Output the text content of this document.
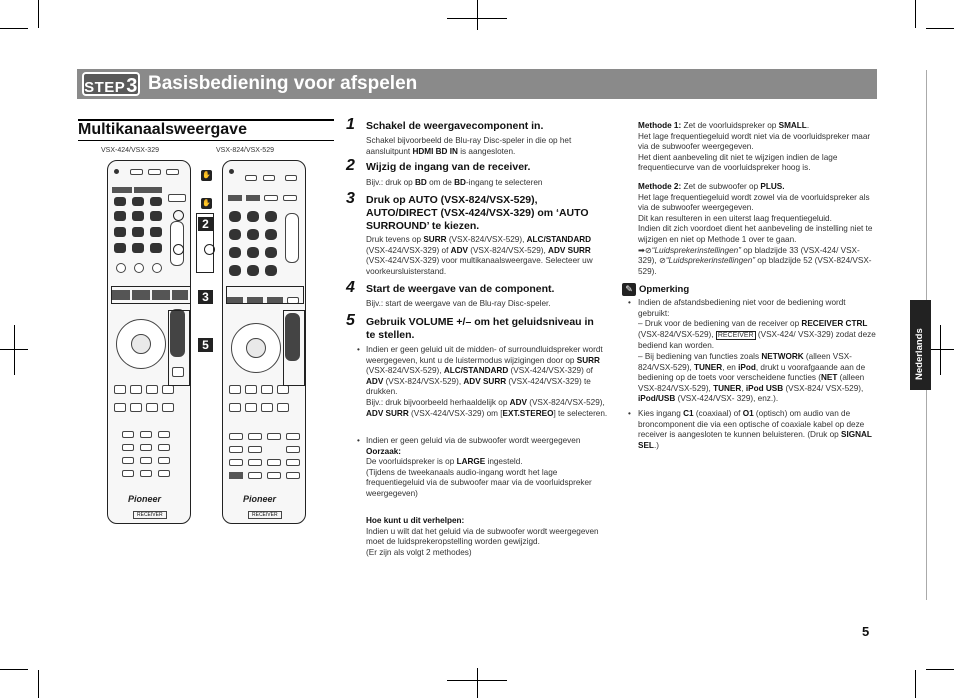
STEP3 Basisbediening voor afspelen
Multikanaalsweergave
VSX-424/VSX-329	VSX-824/VSX-529
Pioneer
RECEIVER
Pioneer
RECEIVER
✋
✋
2
3
5
1 Schakel de weergavecomponent in.
Schakel bijvoorbeeld de Blu-ray Disc-speler in die op het aansluitpunt HDMI BD IN is aangesloten.
2 Wijzig de ingang van de receiver.
Bijv.: druk op BD om de BD-ingang te selecteren
3 Druk op AUTO (VSX-824/VSX-529), AUTO/DIRECT (VSX-424/VSX-329) om ‘AUTO SURROUND’ te kiezen.
Druk tevens op SURR (VSX-824/VSX-529), ALC/STANDARD (VSX-424/VSX-329) of ADV (VSX-824/VSX-529), ADV SURR (VSX-424/VSX-329) voor multikanaalsweergave. Selecteer uw voorkeursluisterstand.
4 Start de weergave van de component.
Bijv.: start de weergave van de Blu-ray Disc-speler.
5 Gebruik VOLUME +/– om het geluidsniveau in te stellen.
• Indien er geen geluid uit de midden- of surroundluidspreker wordt weergegeven, kunt u de luistermodus wijzigingen door op SURR (VSX-824/VSX-529), ALC/STANDARD (VSX-424/VSX-329) of ADV (VSX-824/VSX-529), ADV SURR (VSX-424/VSX-329) te drukken.
Bijv.: druk bijvoorbeeld herhaaldelijk op ADV (VSX-824/VSX-529), ADV SURR (VSX-424/VSX-329) om [EXT.STEREO] te selecteren.
• Indien er geen geluid via de subwoofer wordt weergegeven
Oorzaak:
De voorluidspreker is op LARGE ingesteld.
(Tijdens de tweekanaals audio-ingang wordt het lage frequentiegeluid via de subwoofer maar via de voorluidspreker weergegeven)
Hoe kunt u dit verhelpen:
Indien u wilt dat het geluid via de subwoofer wordt weergegeven moet de luidsprekeropstelling worden gewijzigd.
(Er zijn als volgt 2 methodes)
Methode 1: Zet de voorluidspreker op SMALL.
Het lage frequentiegeluid wordt niet via de voorluidspreker maar via de subwoofer weergegeven.
Het dient aanbeveling dit niet te wijzigen indien de lage frequentiecurve van de voorluidspreker hoog is.
Methode 2: Zet de subwoofer op PLUS.
Het lage frequentiegeluid wordt zowel via de voorluidspreker als via de subwoofer weergegeven.
Dit kan resulteren in een uiterst laag frequentiegeluid.
Indien dit zich voordoet dient het aanbeveling de instelling niet te wijzigen en niet op Methode 1 over te gaan.
➡⊘“Luidsprekerinstellingen” op bladzijde 33 (VSX-424/ VSX-329), ⊘“Luidsprekerinstellingen” op bladzijde 52 (VSX-824/VSX-529).
✎ Opmerking
• Indien de afstandsbediening niet voor de bediening wordt gebruikt:
– Druk voor de bediening van de receiver op RECEIVER CTRL (VSX-824/VSX-529), RECEIVER (VSX-424/ VSX-329) zodat deze bediend kan worden.
– Bij bediening van functies zoals NETWORK (alleen VSX-824/VSX-529), TUNER, en iPod, drukt u voorafgaande aan de bediening op de toets voor verscheidene functies (NET (alleen VSX-824/VSX-529), TUNER, iPod USB (VSX-824/ VSX-529), iPod/USB (VSX-424/VSX- 329), enz.).
• Kies ingang C1 (coaxiaal) of O1 (optisch) om audio van de broncomponent die via een optische of coaxiale kabel op deze receiver is aangesloten te kunnen beluisteren. (Druk op SIGNAL SEL.)
Nederlands
5
